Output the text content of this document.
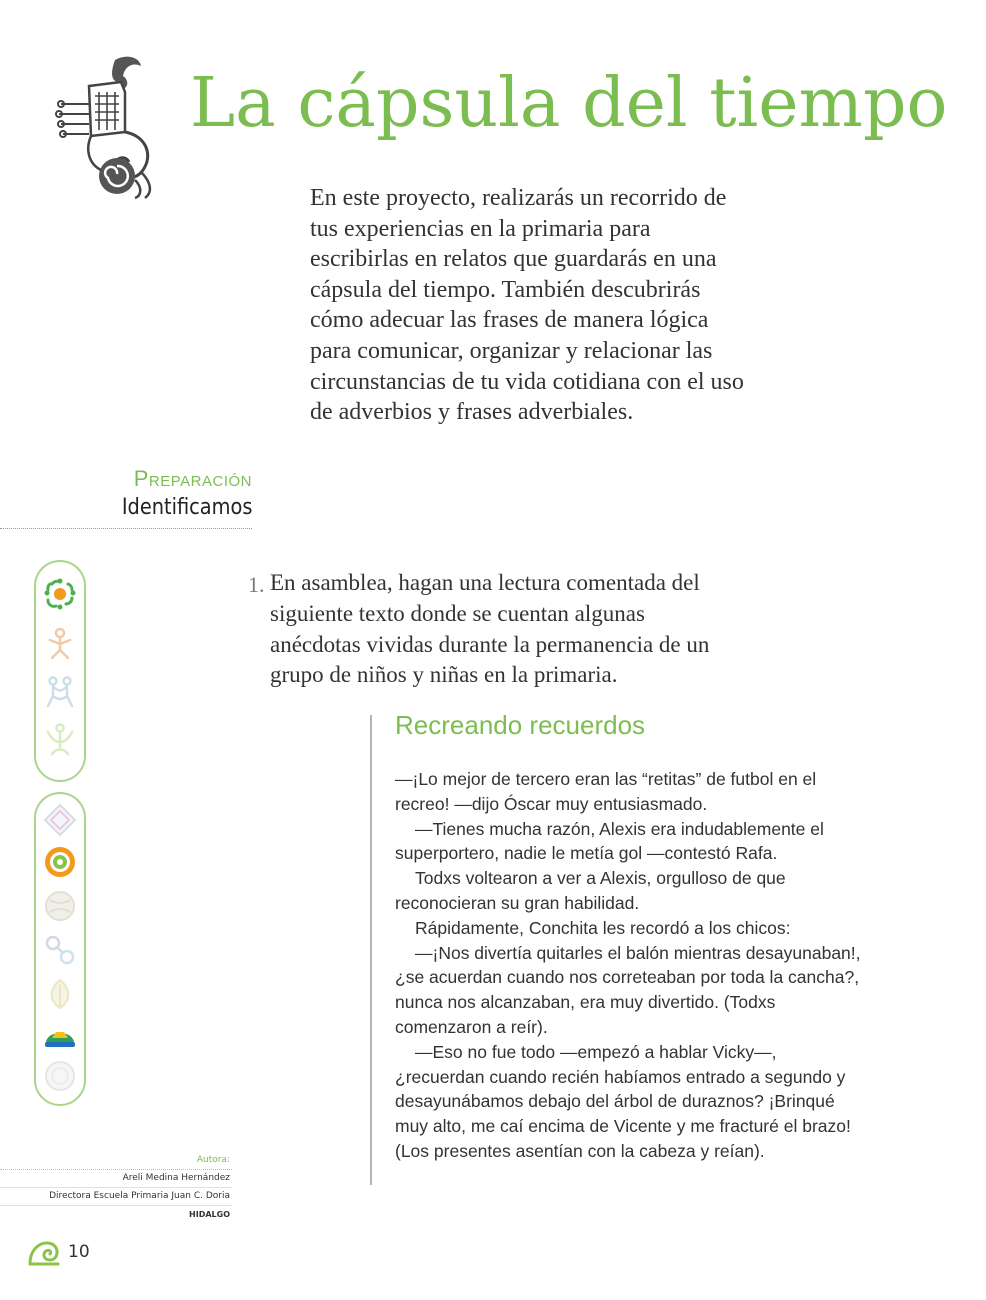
La cápsula del tiempo

En este proyecto, realizarás un recorrido de tus experiencias en la primaria para escribirlas en relatos que guardarás en una cápsula del tiempo. También descubrirás cómo adecuar las frases de manera lógica para comunicar, organizar y relacionar las circunstancias de tu vida cotidiana con el uso de adverbios y frases adverbiales.

Preparación
Identificamos
1. En asamblea, hagan una lectura comentada del siguiente texto donde se cuentan algunas anécdotas vividas durante la permanencia de un grupo de niños y niñas en la primaria.

Recreando recuerdos

—¡Lo mejor de tercero eran las “retitas” de futbol en el recreo! —dijo Óscar muy entusiasmado.

—Tienes mucha razón, Alexis era indudablemente el superportero, nadie le metía gol —contestó Rafa.

Todxs voltearon a ver a Alexis, orgulloso de que reconocieran su gran habilidad.

Rápidamente, Conchita les recordó a los chicos:

—¡Nos divertía quitarles el balón mientras desayunaban!, ¿se acuerdan cuando nos correteaban por toda la cancha?, nunca nos alcanzaban, era muy divertido. (Todxs comenzaron a reír).

—Eso no fue todo —empezó a hablar Vicky—, ¿recuerdan cuando recién habíamos entrado a segundo y desayunábamos debajo del árbol de duraznos? ¡Brinqué muy alto, me caí encima de Vicente y me fracturé el brazo! (Los presentes asentían con la cabeza y reían).

Autora:
Areli Medina Hernández
Directora Escuela Primaria Juan C. Doria
HIDALGO
10
